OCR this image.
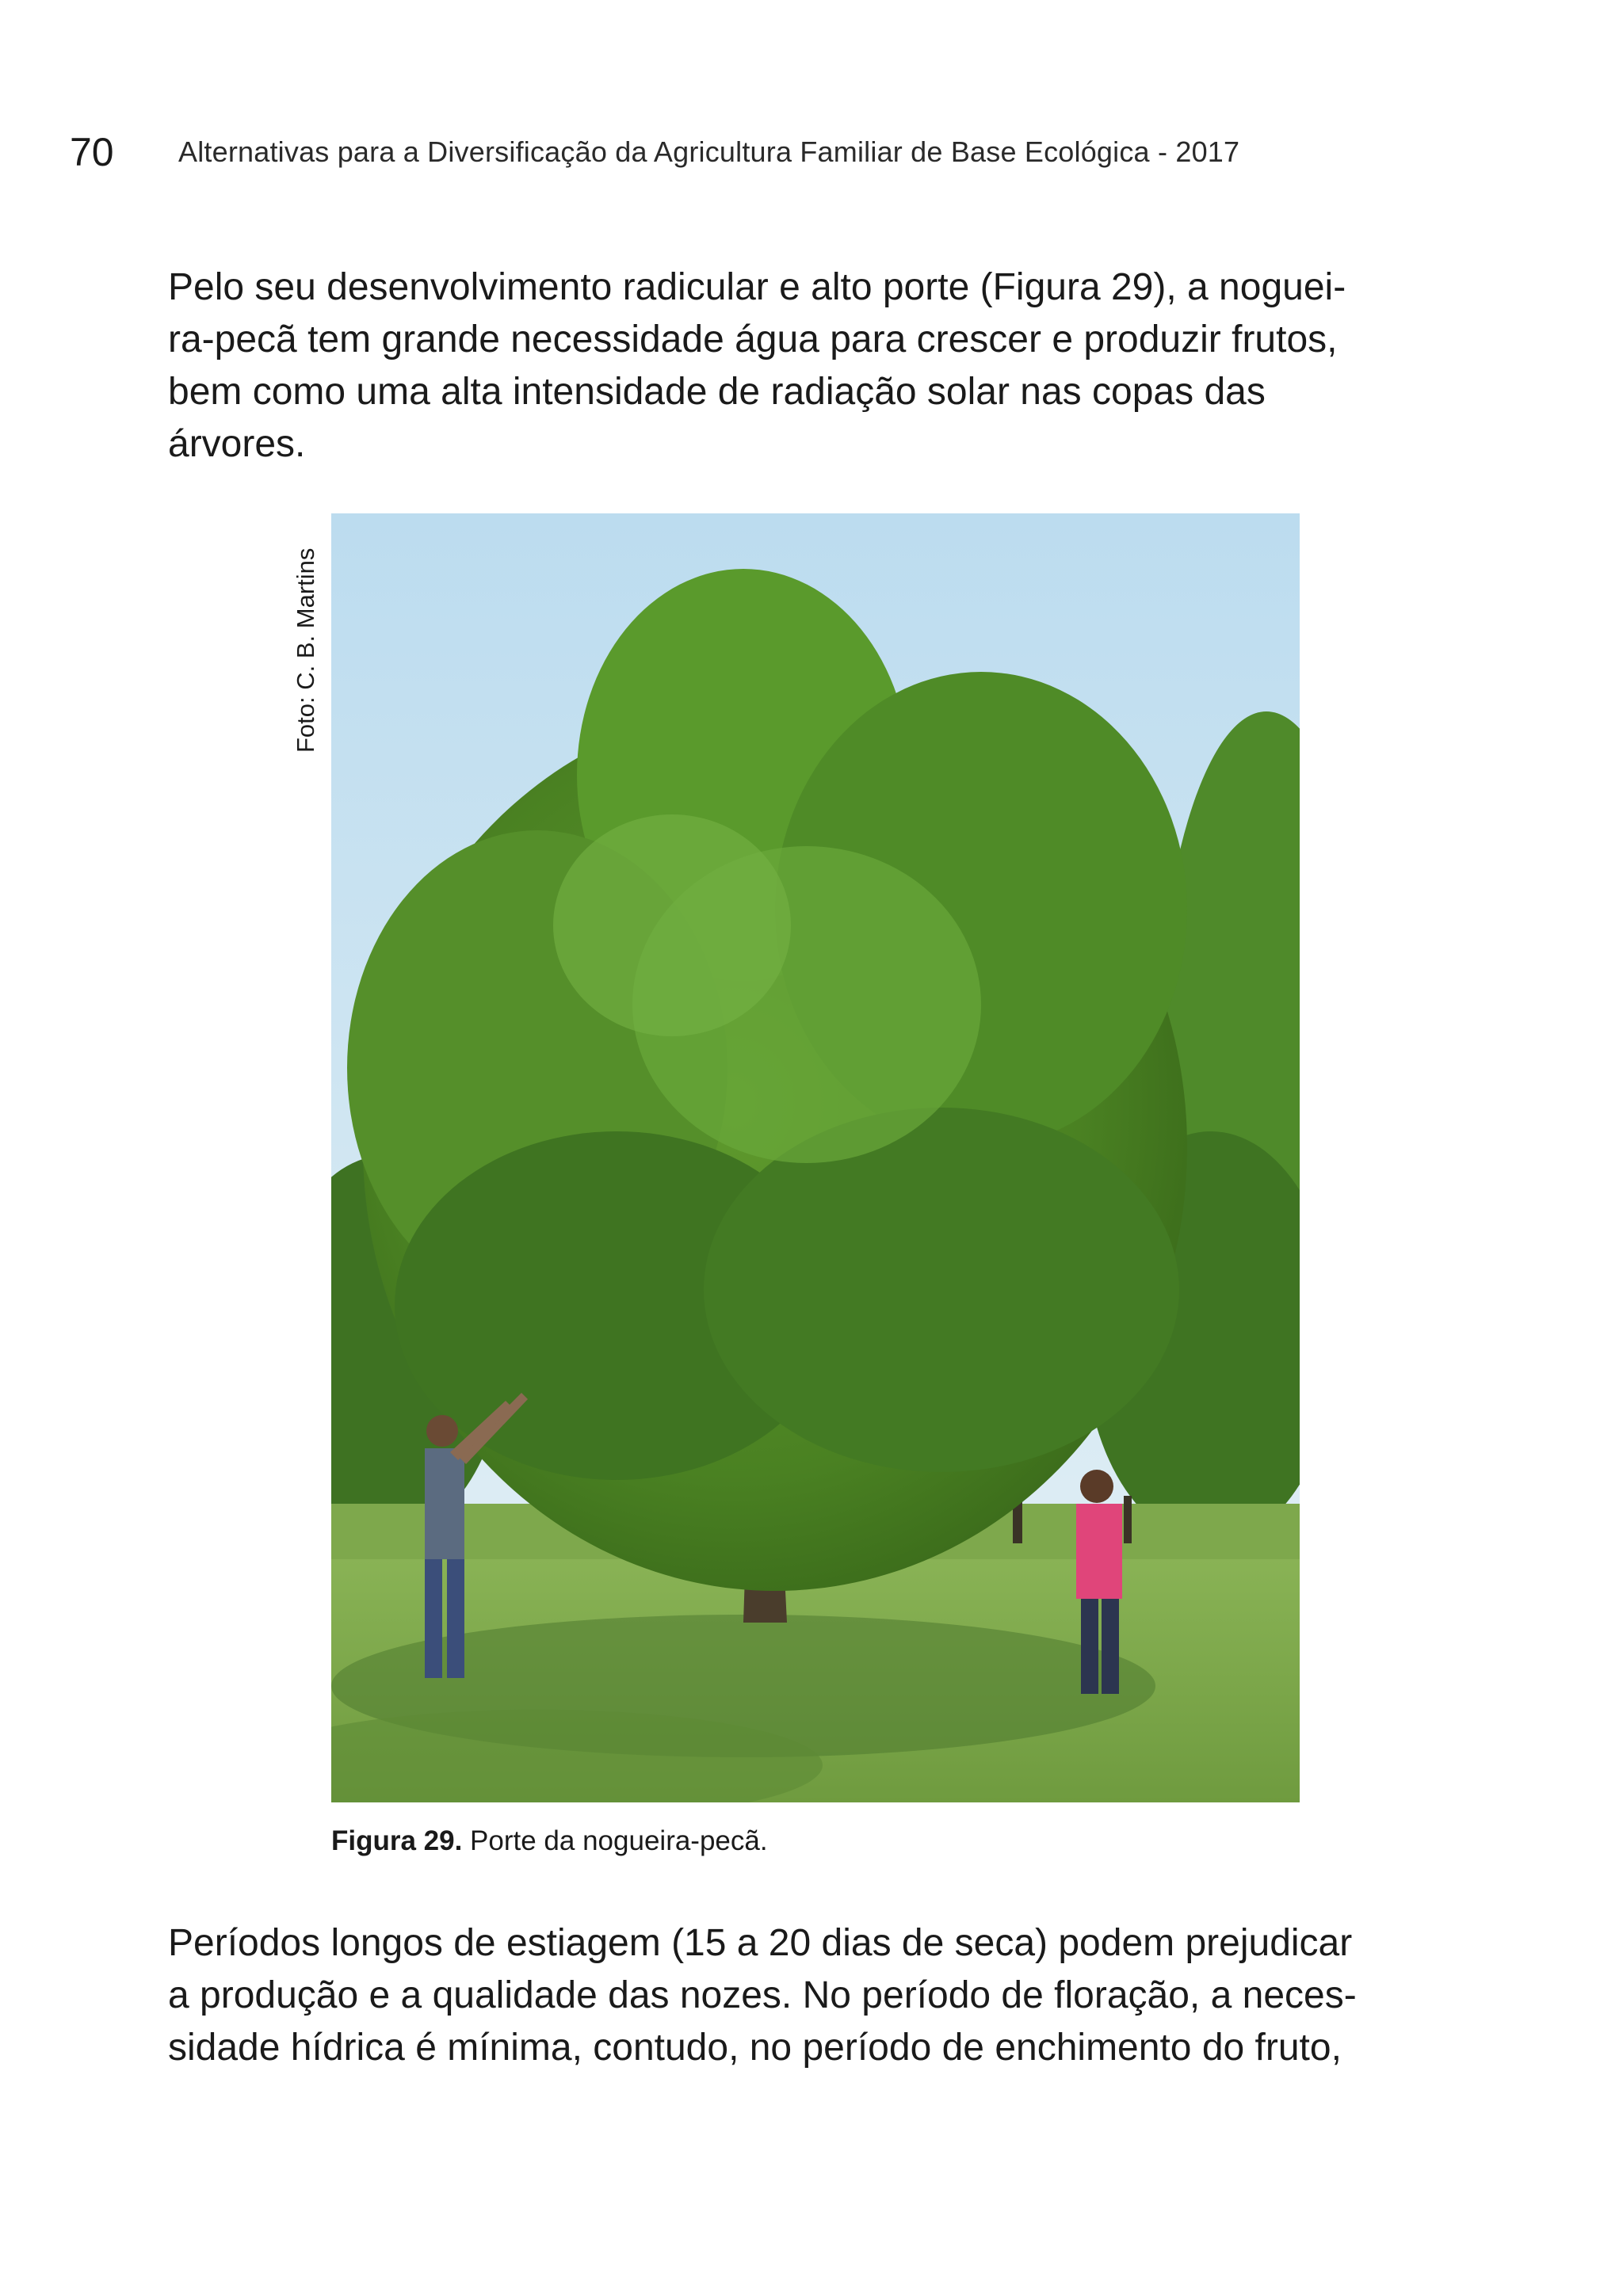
70 Alternativas para a Diversificação da Agricultura Familiar de Base Ecológica - 2017

Pelo seu desenvolvimento radicular e alto porte (Figura 29), a noguei-
ra-pecã tem grande necessidade água para crescer e produzir frutos,
bem como uma alta intensidade de radiação solar nas copas das
árvores.

Foto: C. B. Martins
Figura 29. Porte da nogueira-pecã.

Períodos longos de estiagem (15 a 20 dias de seca) podem prejudicar
a produção e a qualidade das nozes. No período de floração, a neces-
sidade hídrica é mínima, contudo, no período de enchimento do fruto,
